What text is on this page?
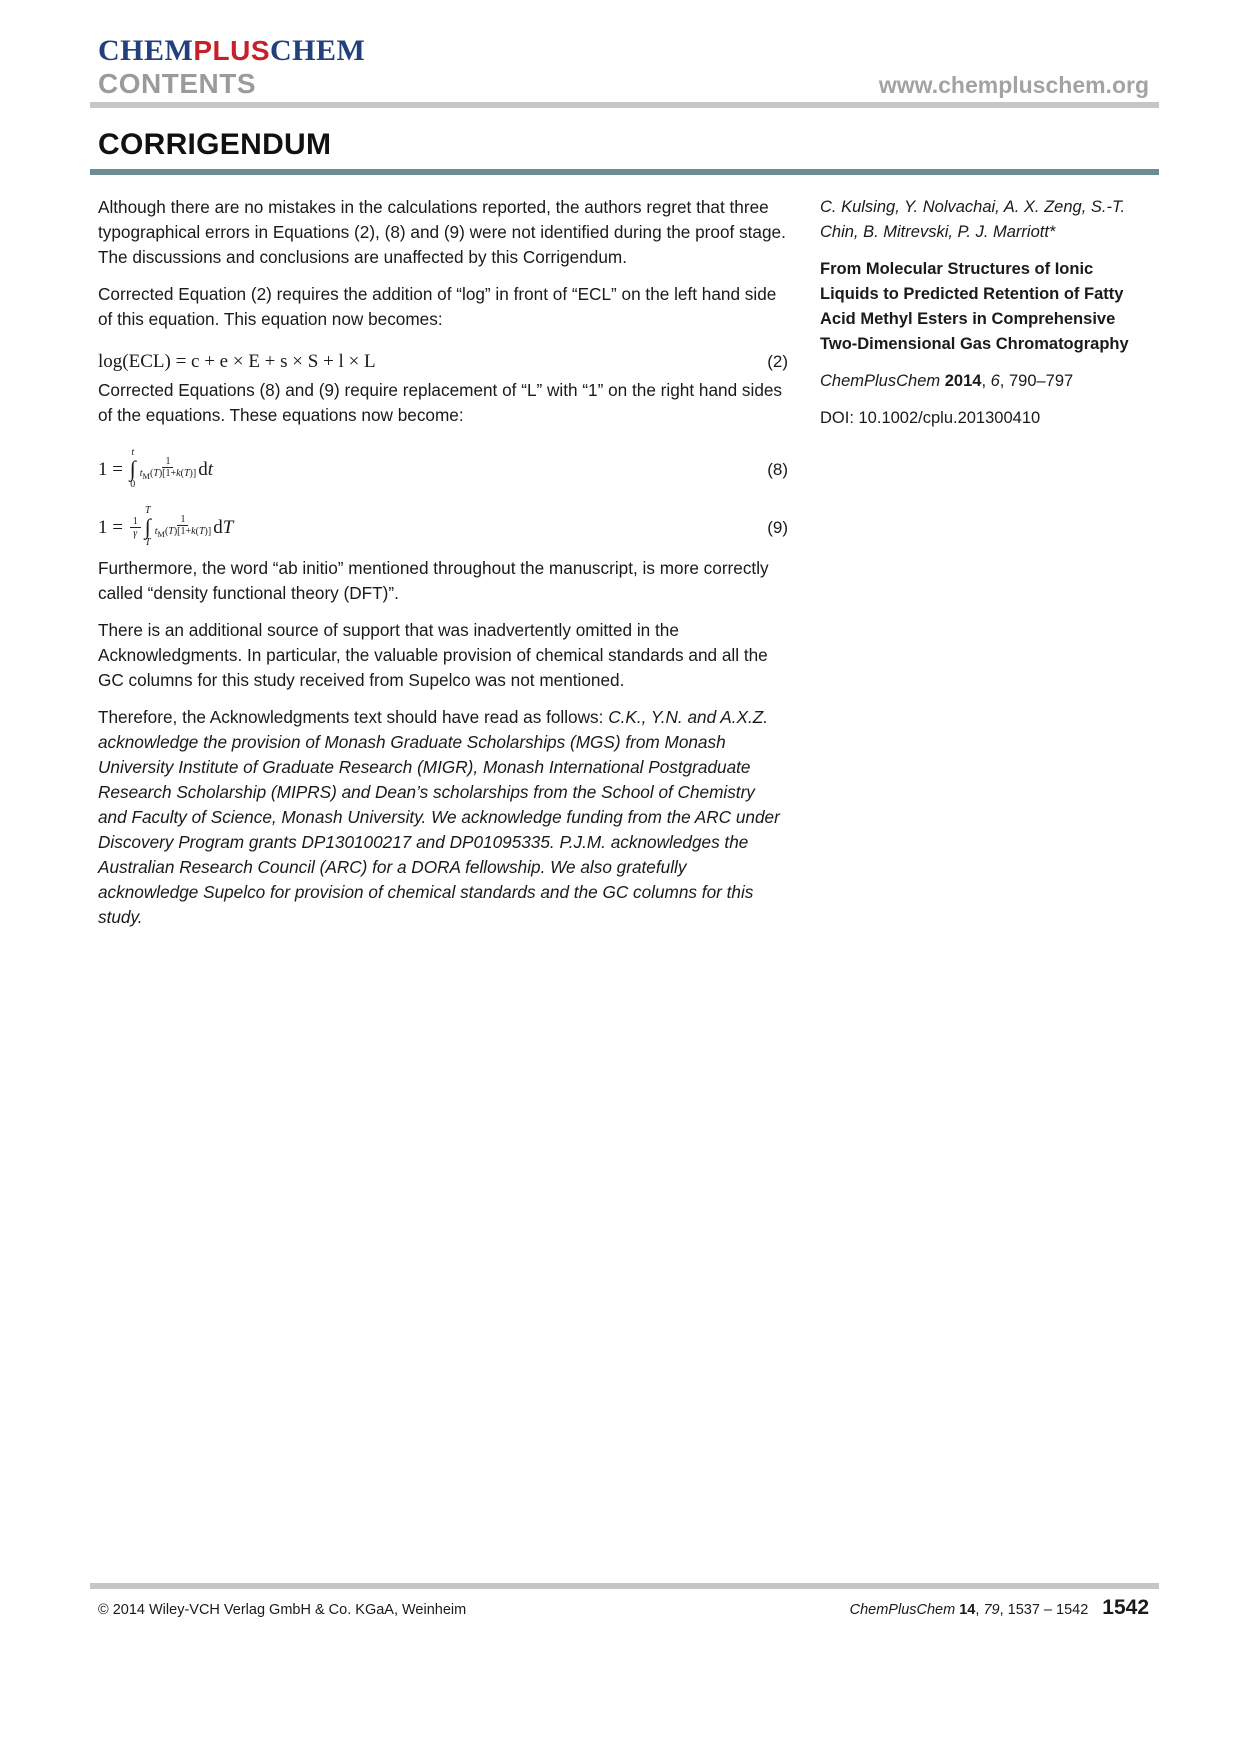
CHEMPLUSCHEM
CONTENTS	www.chempluschem.org
CORRIGENDUM

Although there are no mistakes in the calculations reported, the authors regret that three typographical errors in Equations (2), (8) and (9) were not identified during the proof stage. The discussions and conclusions are unaffected by this Corrigendum.

Corrected Equation (2) requires the addition of “log” in front of “ECL” on the left hand side of this equation. This equation now becomes:

log(ECL) = c + e × E + s × S + l × L	(2)

Corrected Equations (8) and (9) require replacement of “L” with “1” on the right hand sides of the equations. These equations now become:

1 =
t
∫
0
$\frac{1}{t_M(T)[1+k(T)]}$ dt	(8)
$1 = \frac{1}{\gamma}$
T
∫
T
$\frac{1}{t_M(T)[1+k(T)]}$ dT	(9)

Furthermore, the word “ab initio” mentioned throughout the manuscript, is more correctly called “density functional theory (DFT)”.

There is an additional source of support that was inadvertently omitted in the Acknowledgments. In particular, the valuable provision of chemical standards and all the GC columns for this study received from Supelco was not mentioned.

Therefore, the Acknowledgments text should have read as follows: C.K., Y.N. and A.X.Z. acknowledge the provision of Monash Graduate Scholarships (MGS) from Monash University Institute of Graduate Research (MIGR), Monash International Postgraduate Research Scholarship (MIPRS) and Dean’s scholarships from the School of Chemistry and Faculty of Science, Monash University. We acknowledge funding from the ARC under Discovery Program grants DP130100217 and DP01095335. P.J.M. acknowledges the Australian Research Council (ARC) for a DORA fellowship. We also gratefully acknowledge Supelco for provision of chemical standards and the GC columns for this study.

C. Kulsing, Y. Nolvachai, A. X. Zeng, S.-T. Chin, B. Mitrevski, P. J. Marriott*

From Molecular Structures of Ionic Liquids to Predicted Retention of Fatty Acid Methyl Esters in Comprehensive Two-Dimensional Gas Chromatography

ChemPlusChem 2014, 6, 790–797

DOI: 10.1002/cplu.201300410

© 2014 Wiley-VCH Verlag GmbH & Co. KGaA, Weinheim	ChemPlusChem 14, 79, 1537 – 1542 1542
